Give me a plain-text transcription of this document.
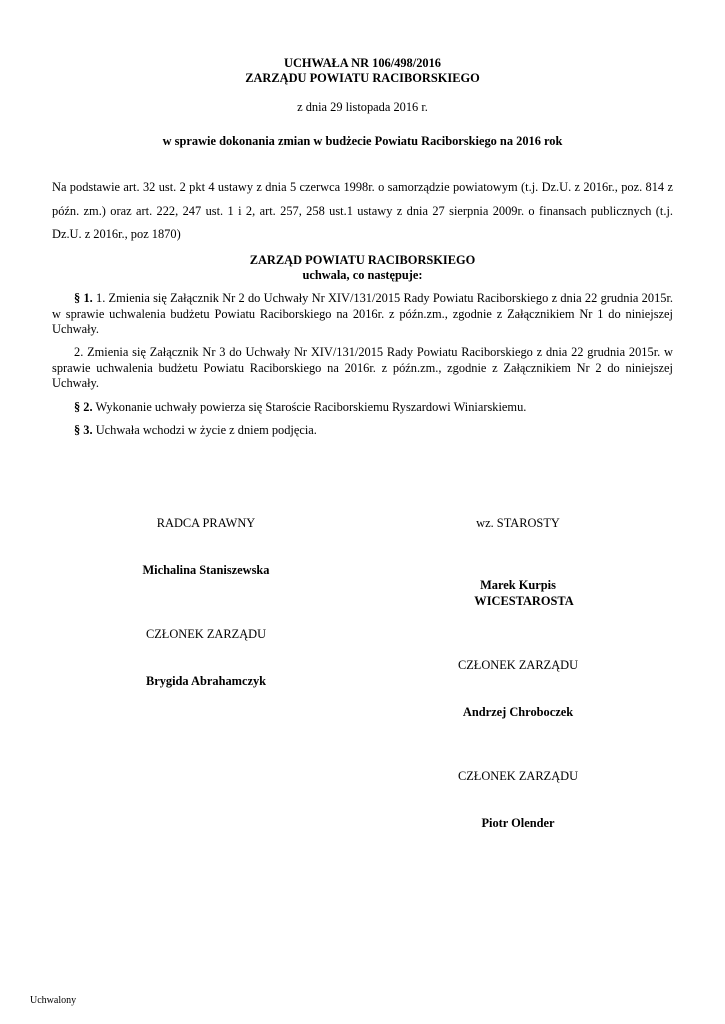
UCHWAŁA NR 106/498/2016
ZARZĄDU POWIATU RACIBORSKIEGO
z dnia 29 listopada 2016 r.
w sprawie dokonania zmian w budżecie Powiatu Raciborskiego na 2016 rok
Na podstawie art. 32 ust. 2 pkt 4 ustawy z dnia 5 czerwca 1998r. o samorządzie powiatowym (t.j. Dz.U. z 2016r., poz. 814 z późn. zm.) oraz art. 222, 247 ust. 1 i 2, art. 257, 258 ust.1 ustawy z dnia 27 sierpnia 2009r. o finansach publicznych (t.j. Dz.U. z 2016r., poz 1870)
ZARZĄD POWIATU RACIBORSKIEGO
uchwala, co następuje:
§ 1. 1. Zmienia się Załącznik Nr 2 do Uchwały Nr XIV/131/2015 Rady Powiatu Raciborskiego z dnia 22 grudnia 2015r. w sprawie uchwalenia budżetu Powiatu Raciborskiego na 2016r. z późn.zm., zgodnie z Załącznikiem Nr 1 do niniejszej Uchwały.
2. Zmienia się Załącznik Nr 3 do Uchwały Nr XIV/131/2015 Rady Powiatu Raciborskiego z dnia 22 grudnia 2015r. w sprawie uchwalenia budżetu Powiatu Raciborskiego na 2016r. z późn.zm., zgodnie z Załącznikiem Nr 2 do niniejszej Uchwały.
§ 2. Wykonanie uchwały powierza się Staroście Raciborskiemu Ryszardowi Winiarskiemu.
§ 3. Uchwała wchodzi w życie z dniem podjęcia.
RADCA PRAWNY
Michalina Staniszewska
CZŁONEK ZARZĄDU
Brygida Abrahamczyk
wz. STAROSTY
Marek Kurpis
WICESTAROSTA
CZŁONEK ZARZĄDU
Andrzej Chroboczek
CZŁONEK ZARZĄDU
Piotr Olender
Uchwalony
